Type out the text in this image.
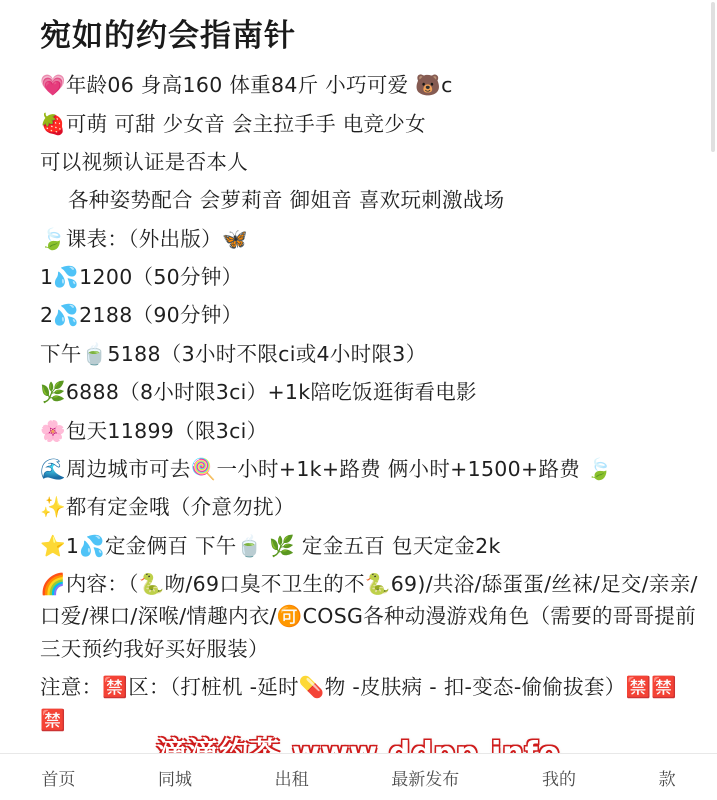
宛如的约会指南针
💗年龄06 身高160 体重84斤 小巧可爱 🐻c
🍓可萌 可甜 少女音 会主拉手手 电竞少女
可以视频认证是否本人
各种姿势配合 会萝莉音 御姐音 喜欢玩刺激战场
🍃课表：（外出版）🦋
1💦1200（50分钟）
2💦2188（90分钟）
下午🍵5188（3小时不限ci或4小时限3）
🌿6888（8小时限3ci）+1k陪吃饭逛街看电影
🌸包天11899（限3ci）
🌊周边城市可去🍭一小时+1k+路费 俩小时+1500+路费 🍃
✨都有定金哦（介意勿扰）
⭐1💦定金俩百 下午🍵 🌿 定金五百 包天定金2k
🌈内容：（🐍吻/69口臭不卫生的不🐍69)/共浴/舔蛋蛋/丝袜/足交/亲亲/口爱/裸口/深喉/情趣内衣/🉑COSG各种动漫游戏角色（需要的哥哥提前三天预约我好买好服装）
注意：🈲区：（打桩机 -延时💊物 -皮肤病 - 扣-变态-偷偷拔套）🈲🈲🈲
首页	同城	出租	最新发布	我的	款
